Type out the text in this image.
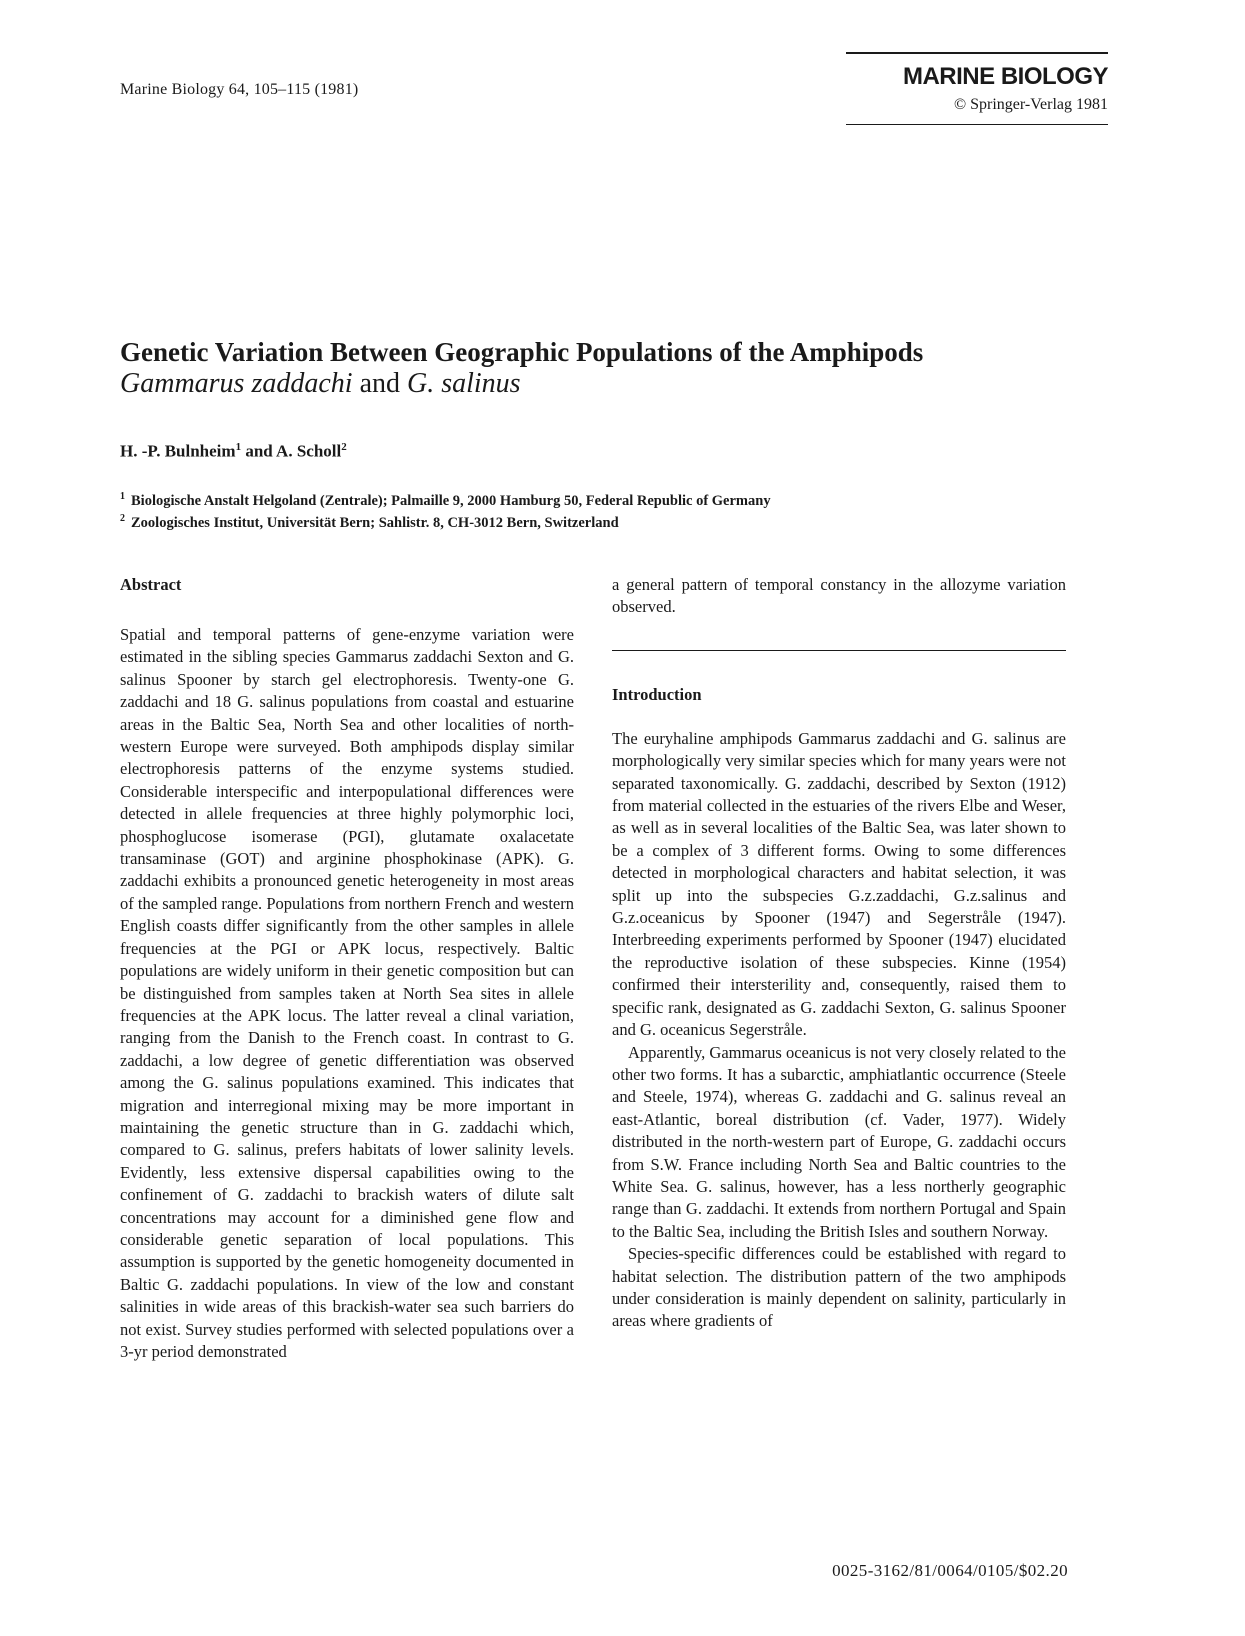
Marine Biology 64, 105–115 (1981)	MARINE BIOLOGY
© Springer-Verlag 1981
Genetic Variation Between Geographic Populations of the Amphipods
Gammarus zaddachi and G. salinus
H. -P. Bulnheim$^1$ and A. Scholl$^2$
$^1$ Biologische Anstalt Helgoland (Zentrale); Palmaille 9, 2000 Hamburg 50, Federal Republic of Germany
$^2$ Zoologisches Institut, Universität Bern; Sahlistr. 8, CH-3012 Bern, Switzerland
Abstract

Spatial and temporal patterns of gene-enzyme variation were estimated in the sibling species Gammarus zaddachi Sexton and G. salinus Spooner by starch gel electrophoresis. Twenty-one G. zaddachi and 18 G. salinus populations from coastal and estuarine areas in the Baltic Sea, North Sea and other localities of north-western Europe were surveyed. Both amphipods display similar electrophoresis patterns of the enzyme systems studied. Considerable interspecific and interpopulational differences were detected in allele frequencies at three highly polymorphic loci, phosphoglucose isomerase (PGI), glutamate oxalacetate transaminase (GOT) and arginine phosphokinase (APK). G. zaddachi exhibits a pronounced genetic heterogeneity in most areas of the sampled range. Populations from northern French and western English coasts differ significantly from the other samples in allele frequencies at the PGI or APK locus, respectively. Baltic populations are widely uniform in their genetic composition but can be distinguished from samples taken at North Sea sites in allele frequencies at the APK locus. The latter reveal a clinal variation, ranging from the Danish to the French coast. In contrast to G. zaddachi, a low degree of genetic differentiation was observed among the G. salinus populations examined. This indicates that migration and interregional mixing may be more important in maintaining the genetic structure than in G. zaddachi which, compared to G. salinus, prefers habitats of lower salinity levels. Evidently, less extensive dispersal capabilities owing to the confinement of G. zaddachi to brackish waters of dilute salt concentrations may account for a diminished gene flow and considerable genetic separation of local populations. This assumption is supported by the genetic homogeneity documented in Baltic G. zaddachi populations. In view of the low and constant salinities in wide areas of this brackish-water sea such barriers do not exist. Survey studies performed with selected populations over a 3-yr period demonstrated

a general pattern of temporal constancy in the allozyme variation observed.

Introduction

The euryhaline amphipods Gammarus zaddachi and G. salinus are morphologically very similar species which for many years were not separated taxonomically. G. zaddachi, described by Sexton (1912) from material collected in the estuaries of the rivers Elbe and Weser, as well as in several localities of the Baltic Sea, was later shown to be a complex of 3 different forms. Owing to some differences detected in morphological characters and habitat selection, it was split up into the subspecies G.z.zaddachi, G.z.salinus and G.z.oceanicus by Spooner (1947) and Segerstråle (1947). Interbreeding experiments performed by Spooner (1947) elucidated the reproductive isolation of these subspecies. Kinne (1954) confirmed their intersterility and, consequently, raised them to specific rank, designated as G. zaddachi Sexton, G. salinus Spooner and G. oceanicus Segerstråle.

Apparently, Gammarus oceanicus is not very closely related to the other two forms. It has a subarctic, amphiatlantic occurrence (Steele and Steele, 1974), whereas G. zaddachi and G. salinus reveal an east-Atlantic, boreal distribution (cf. Vader, 1977). Widely distributed in the north-western part of Europe, G. zaddachi occurs from S.W. France including North Sea and Baltic countries to the White Sea. G. salinus, however, has a less northerly geographic range than G. zaddachi. It extends from northern Portugal and Spain to the Baltic Sea, including the British Isles and southern Norway.

Species-specific differences could be established with regard to habitat selection. The distribution pattern of the two amphipods under consideration is mainly dependent on salinity, particularly in areas where gradients of

0025-3162/81/0064/0105/$02.20
